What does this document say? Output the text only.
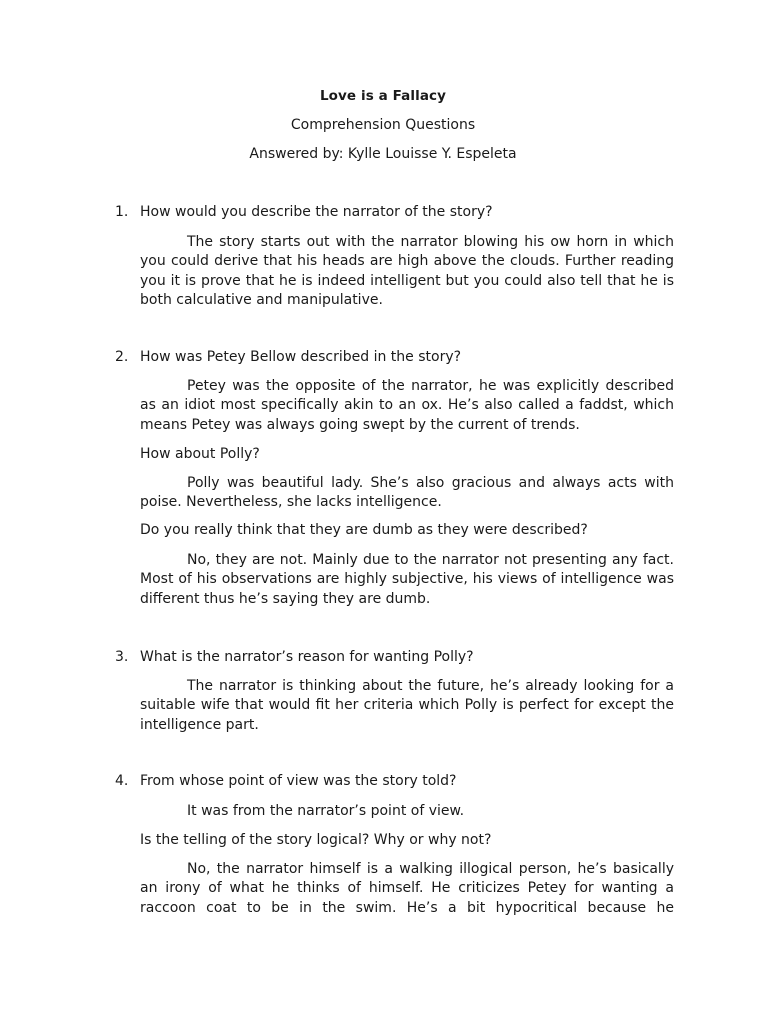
Love is a Fallacy
Comprehension Questions
Answered by: Kylle Louisse Y. Espeleta
1. How would you describe the narrator of the story?

The story starts out with the narrator blowing his ow horn in which you could derive that his heads are high above the clouds. Further reading you it is prove that he is indeed intelligent but you could also tell that he is both calculative and manipulative.

2. How was Petey Bellow described in the story?

Petey was the opposite of the narrator, he was explicitly described as an idiot most specifically akin to an ox. He’s also called a faddst, which means Petey was always going swept by the current of trends.

How about Polly?

Polly was beautiful lady. She’s also gracious and always acts with poise. Nevertheless, she lacks intelligence.

Do you really think that they are dumb as they were described?

No, they are not. Mainly due to the narrator not presenting any fact. Most of his observations are highly subjective, his views of intelligence was different thus he’s saying they are dumb.

3. What is the narrator’s reason for wanting Polly?

The narrator is thinking about the future, he’s already looking for a suitable wife that would fit her criteria which Polly is perfect for except the intelligence part.

4. From whose point of view was the story told?

It was from the narrator’s point of view.

Is the telling of the story logical? Why or why not?

No, the narrator himself is a walking illogical person, he’s basically an irony of what he thinks of himself. He criticizes Petey for wanting a raccoon coat to be in the swim. He’s a bit hypocritical because he
